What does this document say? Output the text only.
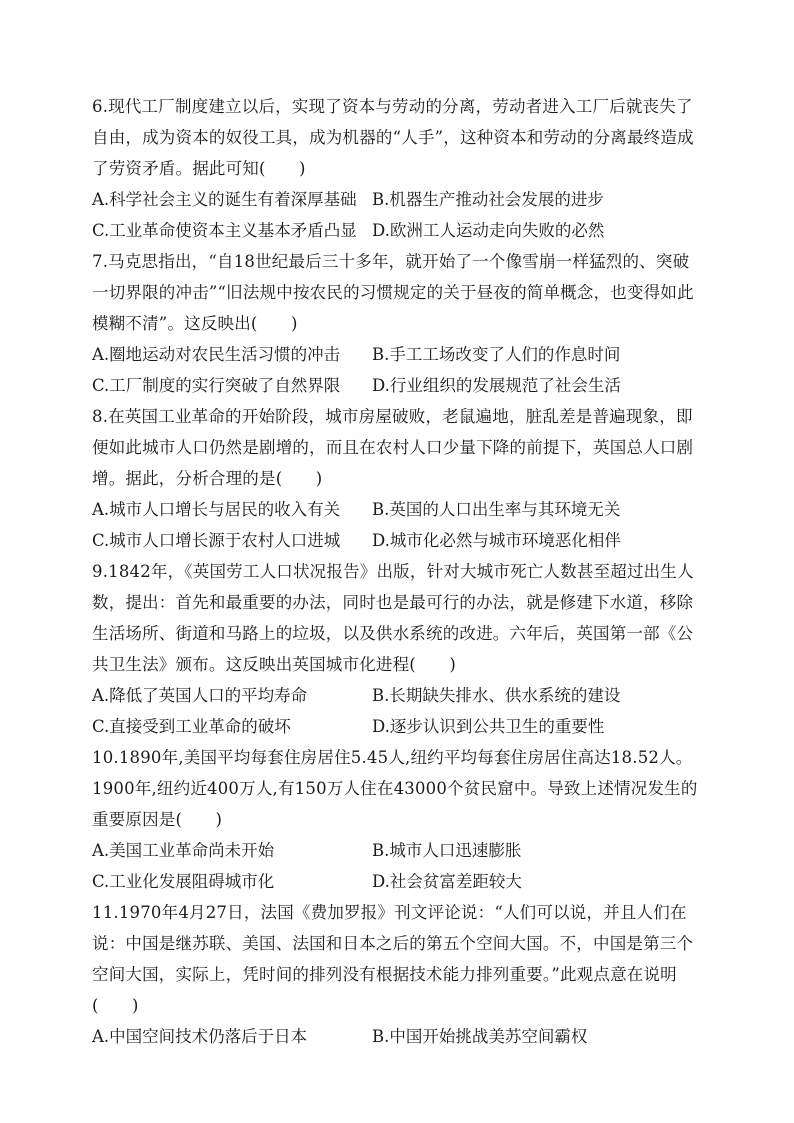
6.现代工厂制度建立以后，实现了资本与劳动的分离，劳动者进入工厂后就丧失了自由，成为资本的奴役工具，成为机器的“人手”，这种资本和劳动的分离最终造成了劳资矛盾。据此可知(　　)

A.科学社会主义的诞生有着深厚基础 B.机器生产推动社会发展的进步
C.工业革命使资本主义基本矛盾凸显 D.欧洲工人运动走向失败的必然

7.马克思指出，“自18世纪最后三十多年，就开始了一个像雪崩一样猛烈的、突破一切界限的冲击”“旧法规中按农民的习惯规定的关于昼夜的简单概念，也变得如此模糊不清”。这反映出(　　)

A.圈地运动对农民生活习惯的冲击 B.手工工场改变了人们的作息时间
C.工厂制度的实行突破了自然界限 D.行业组织的发展规范了社会生活

8.在英国工业革命的开始阶段，城市房屋破败，老鼠遍地，脏乱差是普遍现象，即便如此城市人口仍然是剧增的，而且在农村人口少量下降的前提下，英国总人口剧增。据此，分析合理的是(　　)

A.城市人口增长与居民的收入有关 B.英国的人口出生率与其环境无关
C.城市人口增长源于农村人口进城 D.城市化必然与城市环境恶化相伴

9.1842年，《英国劳工人口状况报告》出版，针对大城市死亡人数甚至超过出生人数，提出：首先和最重要的办法，同时也是最可行的办法，就是修建下水道，移除生活场所、街道和马路上的垃圾，以及供水系统的改进。六年后，英国第一部《公共卫生法》颁布。这反映出英国城市化进程(　　)

A.降低了英国人口的平均寿命	B.长期缺失排水、供水系统的建设
C.直接受到工业革命的破坏	D.逐步认识到公共卫生的重要性

10.1890年,美国平均每套住房居住5.45人,纽约平均每套住房居住高达18.52人。1900年,纽约近400万人,有150万人住在43000个贫民窟中。导致上述情况发生的重要原因是(　　)

A.美国工业革命尚未开始	B.城市人口迅速膨胀
C.工业化发展阻碍城市化	D.社会贫富差距较大

11.1970年4月27日，法国《费加罗报》刊文评论说：“人们可以说，并且人们在说：中国是继苏联、美国、法国和日本之后的第五个空间大国。不，中国是第三个空间大国，实际上，凭时间的排列没有根据技术能力排列重要。”此观点意在说明(　　)

A.中国空间技术仍落后于日本	B.中国开始挑战美苏空间霸权
